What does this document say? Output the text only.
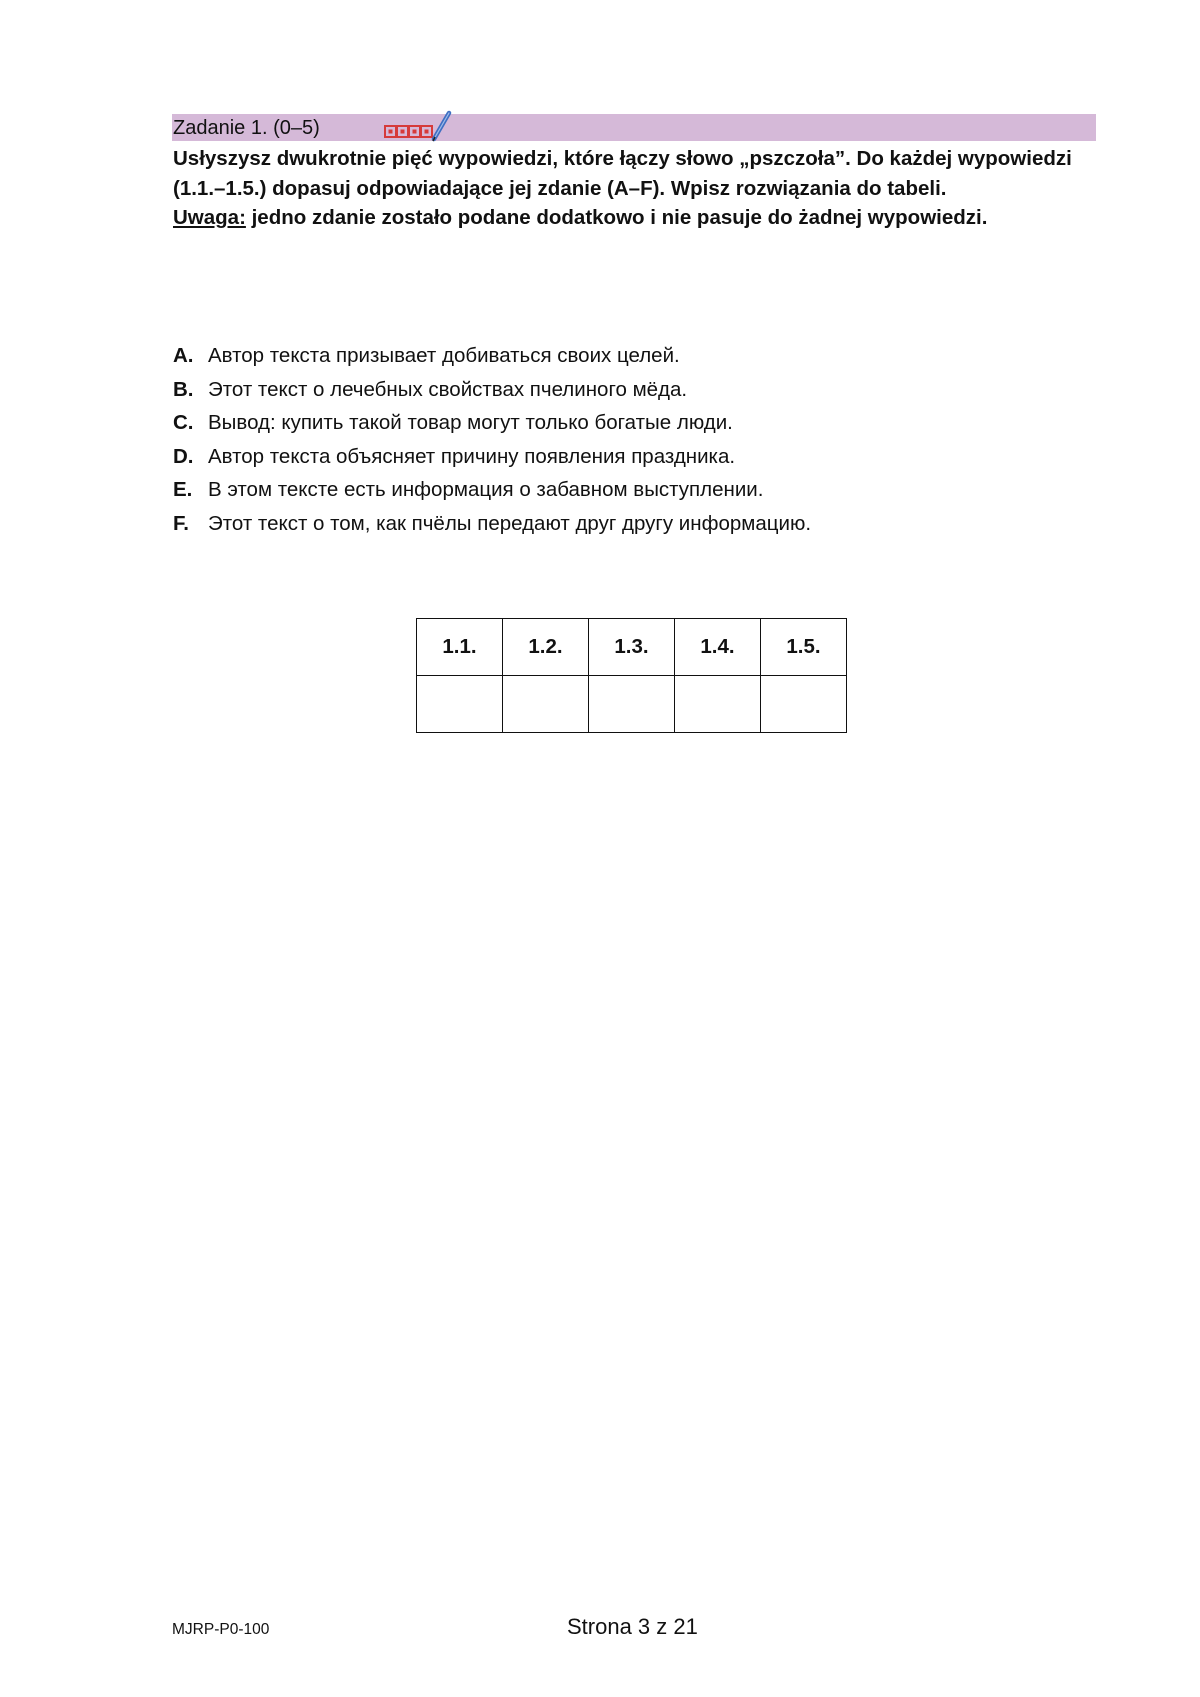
Zadanie 1. (0–5)

Usłyszysz dwukrotnie pięć wypowiedzi, które łączy słowo „pszczoła”. Do każdej wypowiedzi (1.1.–1.5.) dopasuj odpowiadające jej zdanie (A–F). Wpisz rozwiązania do tabeli.

Uwaga: jedno zdanie zostało podane dodatkowo i nie pasuje do żadnej wypowiedzi.

A. Автор текста призывает добиваться своих целей.
B. Этот текст о лечебных свойствах пчелиного мёда.
C. Вывод: купить такой товар могут только богатые люди.
D. Автор текста объясняет причину появления праздника.
E. В этом тексте есть информация о забавном выступлении.
F. Этот текст о том, как пчёлы передают друг другу информацию.
1.1.	1.2.	1.3.	1.4.	1.5.

MJRP-P0-100	Strona 3 z 21
